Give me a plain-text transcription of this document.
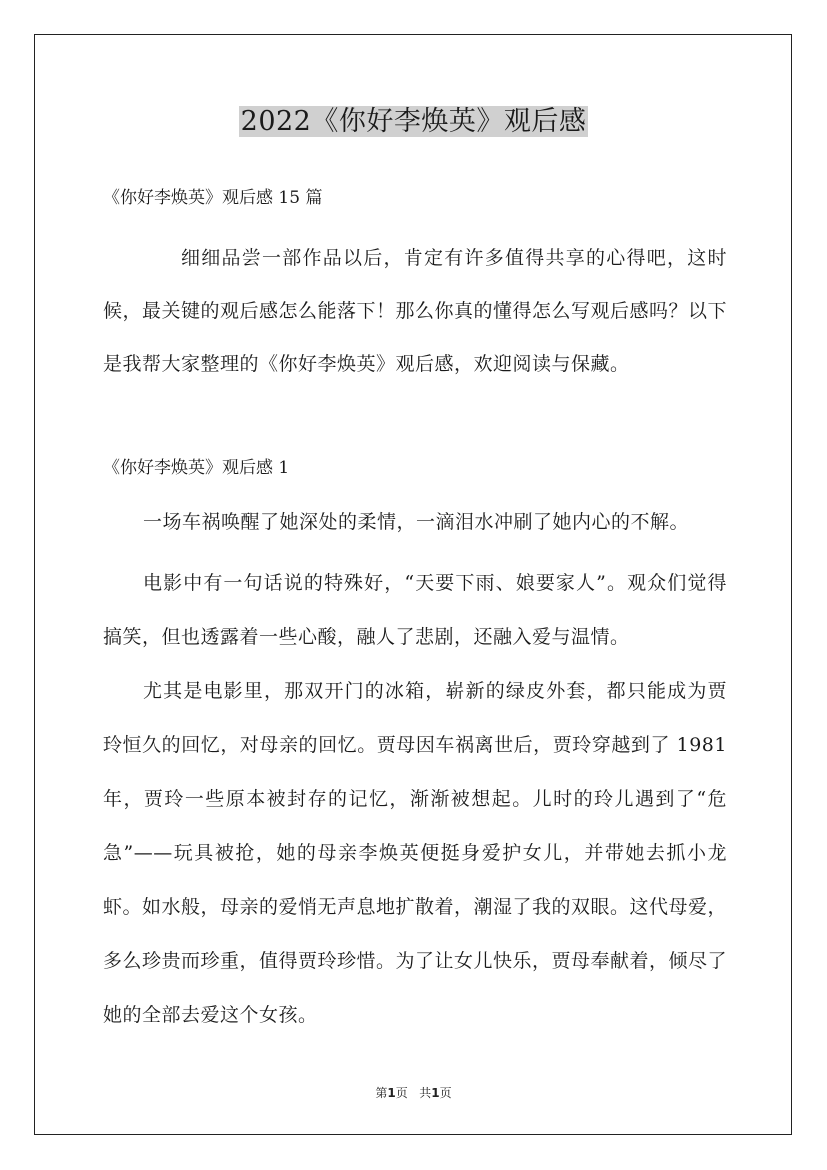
2022《你好李焕英》观后感

《你好李焕英》观后感 15 篇

细细品尝一部作品以后，肯定有许多值得共享的心得吧，这时候，最关键的观后感怎么能落下！那么你真的懂得怎么写观后感吗？以下是我帮大家整理的《你好李焕英》观后感，欢迎阅读与保藏。

《你好李焕英》观后感 1

一场车祸唤醒了她深处的柔情，一滴泪水冲刷了她内心的不解。

电影中有一句话说的特殊好，“天要下雨、娘要家人”。观众们觉得搞笑，但也透露着一些心酸，融人了悲剧，还融入爱与温情。

尤其是电影里，那双开门的冰箱，崭新的绿皮外套，都只能成为贾玲恒久的回忆，对母亲的回忆。贾母因车祸离世后，贾玲穿越到了 1981 年，贾玲一些原本被封存的记忆，渐渐被想起。儿时的玲儿遇到了“危急”——玩具被抢，她的母亲李焕英便挺身爱护女儿，并带她去抓小龙虾。如水般，母亲的爱悄无声息地扩散着，潮湿了我的双眼。这代母爱，多么珍贵而珍重，值得贾玲珍惜。为了让女儿快乐，贾母奉献着，倾尽了她的全部去爱这个女孩。

第1页 共1页
